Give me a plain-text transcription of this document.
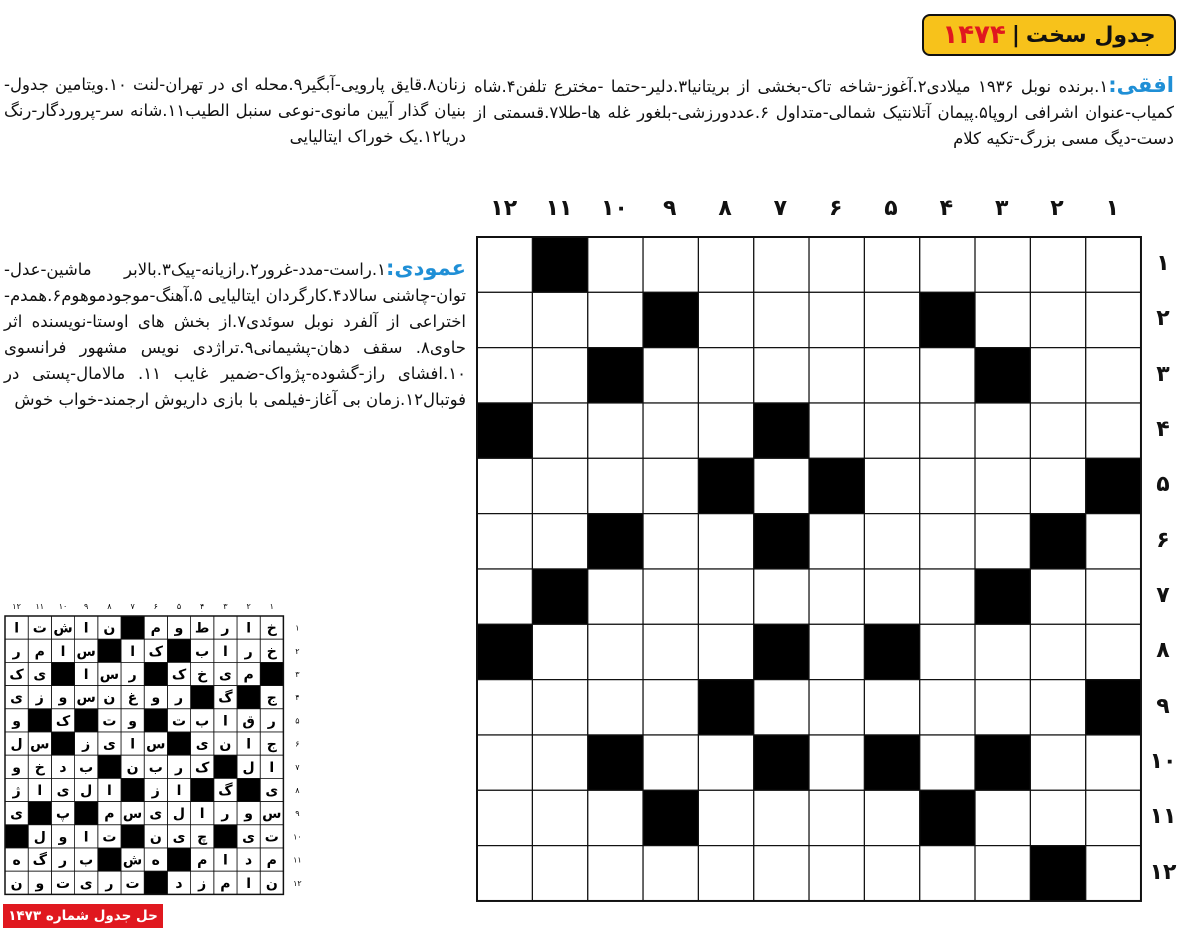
جدول سخت
|
۱۴۷۴
افقی:۱.برنده نوبل ۱۹۳۶ میلادی۲.آغوز-شاخه تاک-بخشی از بریتانیا۳.دلیر-حتما -مخترع تلفن۴.شاه کمیاب-عنوان اشرافی اروپا۵.پیمان آتلانتیک شمالی-متداول ۶.عددورزشی-بلغور غله ها-طلا۷.قسمتی از دست-دیگ مسی بزرگ-تکیه کلام
زنان۸.قایق پارویی-آبگیر۹.محله ای در تهران-لنت ۱۰.ویتامین جدول-بنیان گذار آیین مانوی-نوعی سنبل الطیب۱۱.شانه سر-پروردگار-رنگ دریا۱۲.یک خوراک ایتالیایی
عمودی:۱.راست-مدد-غرور۲.رازیانه-پیک۳.بالابر ماشین-عدل-توان-چاشنی سالاد۴.کارگردان ایتالیایی ۵.آهنگ-موجودموهوم۶.همدم-اختراعی از آلفرد نوبل سوئدی۷.از بخش های اوستا-نویسنده اثر حاوی۸. سقف دهان-پشیمانی۹.تراژدی نویس مشهور فرانسوی ۱۰.افشای راز-گشوده-پژواک-ضمیر غایب ۱۱. مالامال-پستی در فوتبال۱۲.زمان بی آغاز-فیلمی با بازی داریوش ارجمند-خواب خوش
۱
۲
۳
۴
۵
۶
۷
۸
۹
۱۰
۱۱
۱۲
۱
۲
۳
۴
۵
۶
۷
۸
۹
۱۰
۱۱
۱۲
۱
۲
۳
۴
۵
۶
۷
۸
۹
۱۰
۱۱
۱۲
۱
۲
۳
۴
۵
۶
۷
۸
۹
۱۰
۱۱
۱۲
خ
ا
ر
ط
و
م
ن
ا
ش
ت
ا
خ
ر
ا
ب
ک
ا
س
ا
م
ر
م
ی
خ
ک
ر
س
ا
ی
ک
ج
گ
ر
و
غ
ن
س
و
ز
ی
ر
ق
ا
ب
ت
و
ت
ک
و
ج
ا
ن
ی
س
ا
ی
ز
س
ل
ا
ل
ک
ر
ب
ن
ب
د
خ
و
ی
گ
ا
ز
ا
ل
ی
ا
ژ
س
و
ر
ا
ل
ی
س
م
پ
ی
ت
ی
چ
ی
ن
ت
ا
و
ل
م
د
ا
م
ه
ش
ب
ر
گ
ه
ن
ا
م
ز
د
ت
ر
ی
ت
و
ن
حل جدول شماره ۱۴۷۳
